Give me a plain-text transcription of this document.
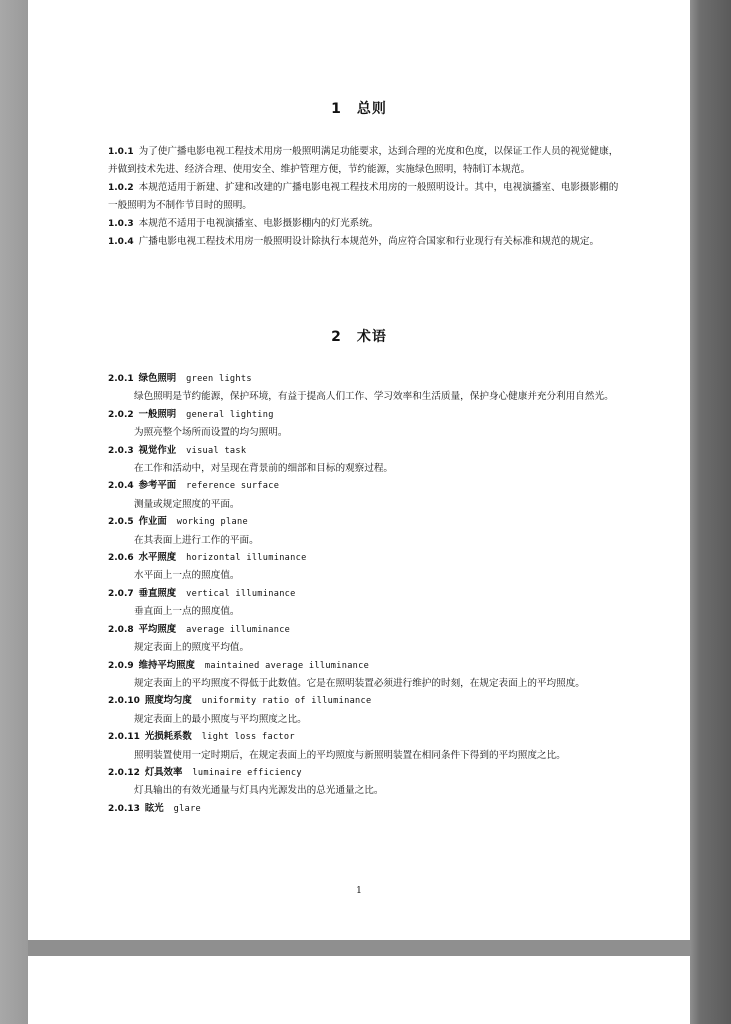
1　总则

1.0.1 为了使广播电影电视工程技术用房一般照明满足功能要求，达到合理的光度和色度，以保证工作人员的视觉健康，并做到技术先进、经济合理、使用安全、维护管理方便，节约能源，实施绿色照明，特制订本规范。

1.0.2 本规范适用于新建、扩建和改建的广播电影电视工程技术用房的一般照明设计。其中，电视演播室、电影摄影棚的一般照明为不制作节目时的照明。

1.0.3 本规范不适用于电视演播室、电影摄影棚内的灯光系统。

1.0.4 广播电影电视工程技术用房一般照明设计除执行本规范外，尚应符合国家和行业现行有关标准和规范的规定。

2　术语

2.0.1 绿色照明 green lights

绿色照明是节约能源，保护环境，有益于提高人们工作、学习效率和生活质量，保护身心健康并充分利用自然光。

2.0.2 一般照明 general lighting

为照亮整个场所而设置的均匀照明。

2.0.3 视觉作业 visual task

在工作和活动中，对呈现在背景前的细部和目标的观察过程。

2.0.4 参考平面 reference surface

测量或规定照度的平面。

2.0.5 作业面 working plane

在其表面上进行工作的平面。

2.0.6 水平照度 horizontal illuminance

水平面上一点的照度值。

2.0.7 垂直照度 vertical illuminance

垂直面上一点的照度值。

2.0.8 平均照度 average illuminance

规定表面上的照度平均值。

2.0.9 维持平均照度 maintained average illuminance

规定表面上的平均照度不得低于此数值。它是在照明装置必须进行维护的时刻，在规定表面上的平均照度。

2.0.10 照度均匀度 uniformity ratio of illuminance

规定表面上的最小照度与平均照度之比。

2.0.11 光损耗系数 light loss factor

照明装置使用一定时期后，在规定表面上的平均照度与新照明装置在相同条件下得到的平均照度之比。

2.0.12 灯具效率 luminaire efficiency

灯具输出的有效光通量与灯具内光源发出的总光通量之比。

2.0.13 眩光 glare

1
